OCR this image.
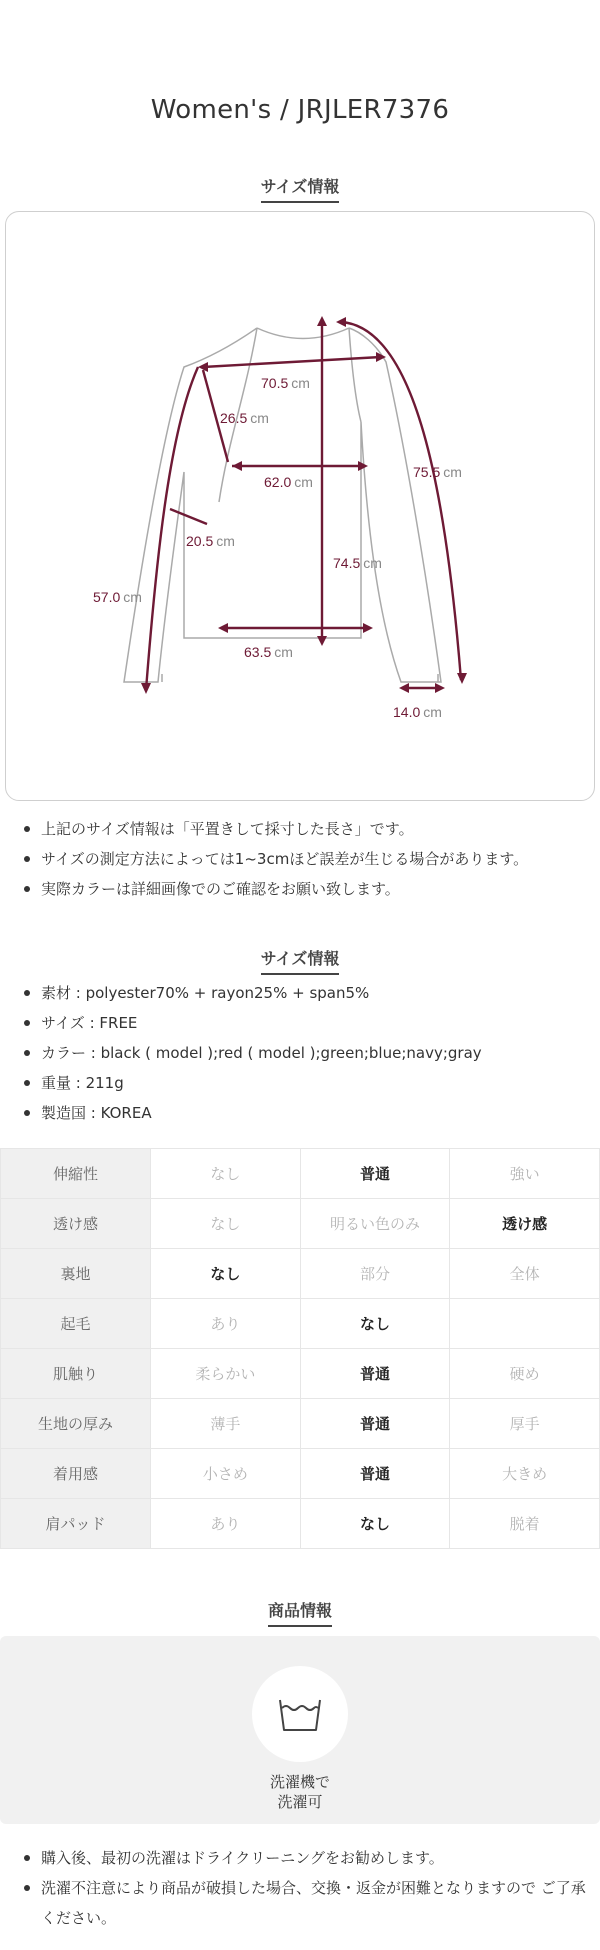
Women's / JRJLER7376
サイズ情報
70.5 cm
26.5 cm
62.0 cm
75.5 cm
20.5 cm
74.5 cm
57.0 cm
63.5 cm
14.0 cm
上記のサイズ情報は「平置きして採寸した長さ」です。
サイズの測定方法によっては1~3cmほど誤差が生じる場合があります。
実際カラーは詳細画像でのご確認をお願い致します。
サイズ情報
素材 : polyester70% + rayon25% + span5%
サイズ : FREE
カラー : black ( model );red ( model );green;blue;navy;gray
重量 : 211g
製造国 : KOREA
伸縮性	なし	普通	強い
透け感	なし	明るい色のみ	透け感
裏地	なし	部分	全体
起毛	あり	なし	
肌触り	柔らかい	普通	硬め
生地の厚み	薄手	普通	厚手
着用感	小さめ	普通	大きめ
肩パッド	あり	なし	脱着
商品情報
洗濯機で
洗濯可
購入後、最初の洗濯はドライクリーニングをお勧めします。
洗濯不注意により商品が破損した場合、交換・返金が困難となりますので ご了承ください。
